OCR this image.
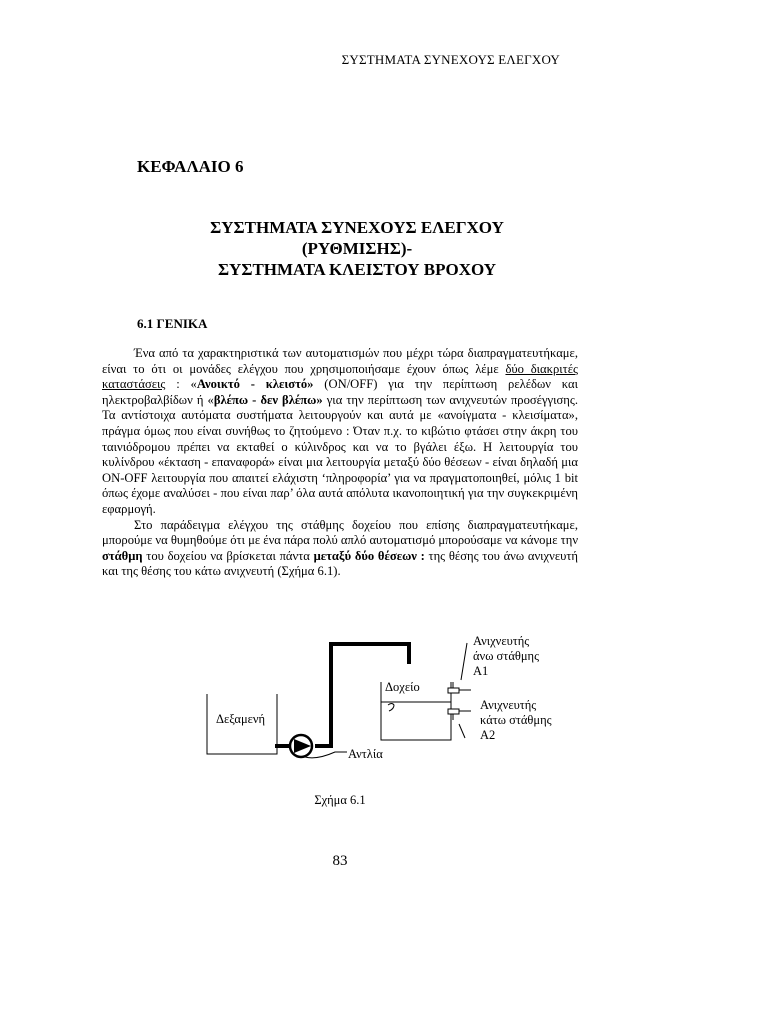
ΣΥΣΤΗΜΑΤΑ ΣΥΝΕΧΟΥΣ ΕΛΕΓΧΟΥ
ΚΕΦΑΛΑΙΟ 6
ΣΥΣΤΗΜΑΤΑ ΣΥΝΕΧΟΥΣ ΕΛΕΓΧΟΥ
(ΡΥΘΜΙΣΗΣ)-
ΣΥΣΤΗΜΑΤΑ ΚΛΕΙΣΤΟΥ ΒΡΟΧΟΥ
6.1 ΓΕΝΙΚΑ

Ένα από τα χαρακτηριστικά των αυτοματισμών που μέχρι τώρα διαπραγματευτήκαμε, είναι το ότι οι μονάδες ελέγχου που χρησιμοποιήσαμε έχουν όπως λέμε δύο διακριτές καταστάσεις : «Ανοικτό - κλειστό» (ON/OFF) για την περίπτωση ρελέδων και ηλεκτροβαλβίδων ή «βλέπω - δεν βλέπω» για την περίπτωση των ανιχνευτών προσέγγισης. Τα αντίστοιχα αυτόματα συστήματα λειτουργούν και αυτά με «ανοίγματα - κλεισίματα», πράγμα όμως που είναι συνήθως το ζητούμενο : Όταν π.χ. το κιβώτιο φτάσει στην άκρη του ταινιόδρομου πρέπει να εκταθεί ο κύλινδρος και να το βγάλει έξω. Η λειτουργία του κυλίνδρου «έκταση - επαναφορά» είναι μια λειτουργία μεταξύ δύο θέσεων - είναι δηλαδή μια ON-OFF λειτουργία που απαιτεί ελάχιστη ‘πληροφορία’ για να πραγματοποιηθεί, μόλις 1 bit όπως έχομε αναλύσει - που είναι παρ’ όλα αυτά απόλυτα ικανοποιητική για την συγκεκριμένη εφαρμογή.

Στο παράδειγμα ελέγχου της στάθμης δοχείου που επίσης διαπραγματευτήκαμε, μπορούμε να θυμηθούμε ότι με ένα πάρα πολύ απλό αυτοματισμό μπορούσαμε να κάνομε την στάθμη του δοχείου να βρίσκεται πάντα μεταξύ δύο θέσεων : της θέσης του άνω ανιχνευτή και της θέσης του κάτω ανιχνευτή (Σχήμα 6.1).

Δεξαμενή
Δοχείο
Αντλία
Ανιχνευτής
άνω στάθμης
A1
Ανιχνευτής
κάτω στάθμης
A2
Σχήμα 6.1
83
